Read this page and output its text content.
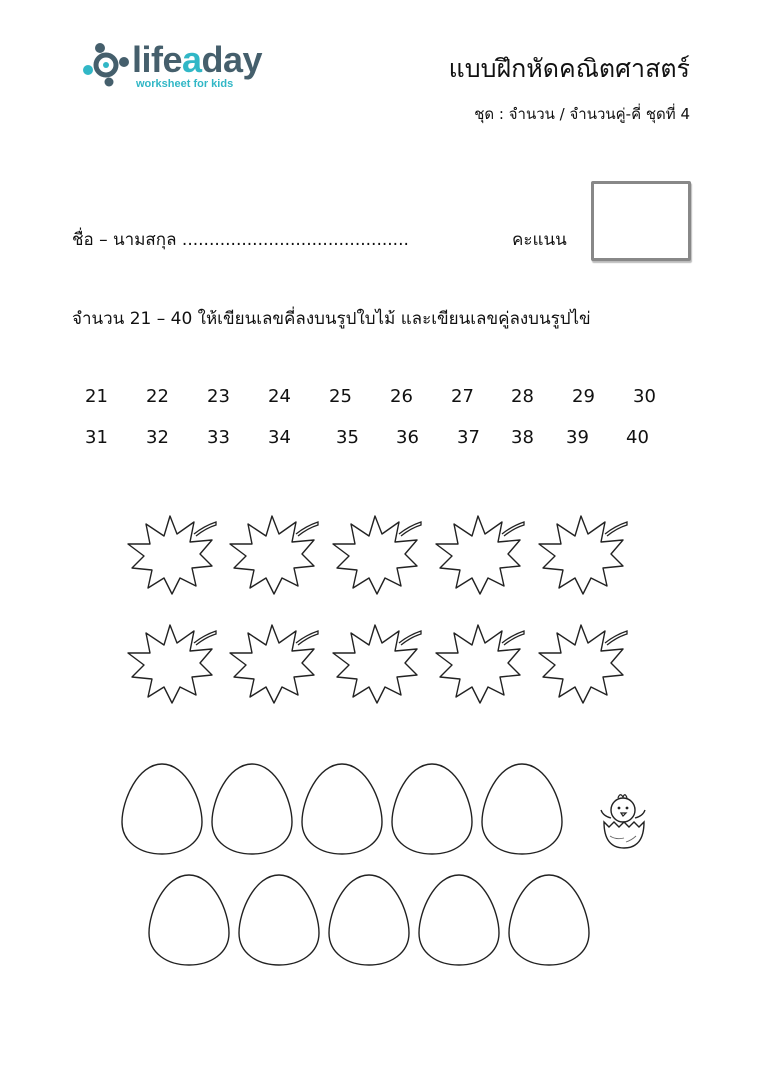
lifeaday
worksheet for kids
แบบฝึกหัดคณิตศาสตร์
ชุด : จำนวน / จำนวนคู่-คี่ ชุดที่ 4
ชื่อ – นามสกุล ..........................................	คะแนน
จำนวน 21 – 40 ให้เขียนเลขคี่ลงบนรูปใบไม้ และเขียนเลขคู่ลงบนรูปไข่
21 22 23 24 25 26 27 28 29 30
31 32 33 34	35 36 37 38 39 40
